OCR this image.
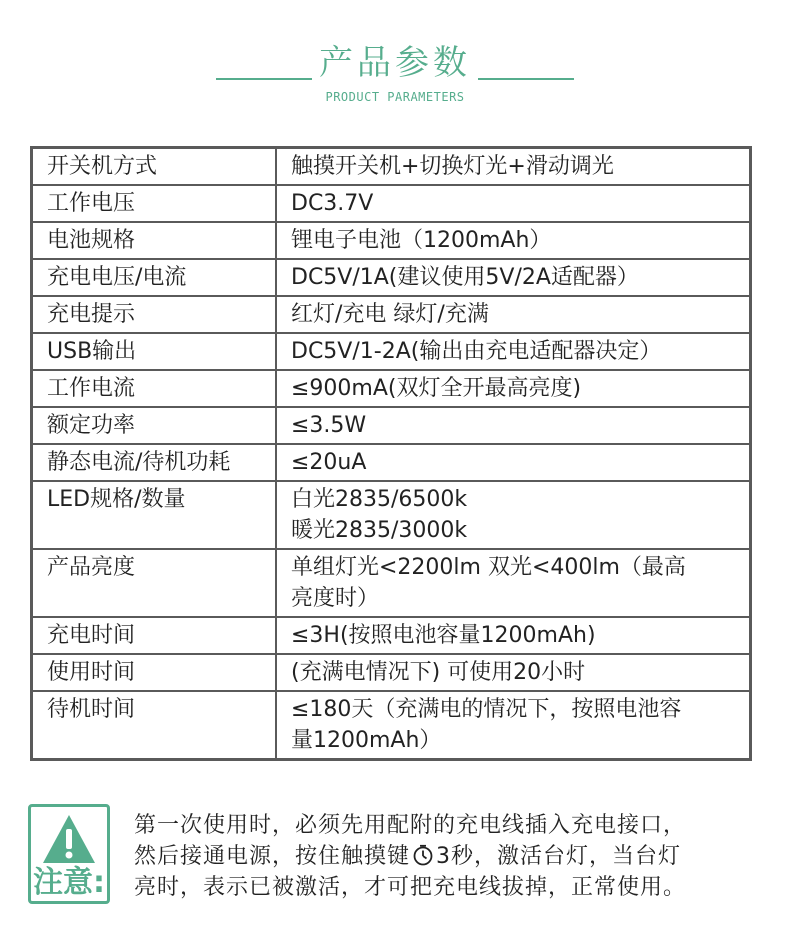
产品参数
PRODUCT PARAMETERS
开关机方式	触摸开关机+切换灯光+滑动调光

工作电压	DC3.7V

电池规格	锂电子电池（1200mAh）

充电电压/电流	DC5V/1A(建议使用5V/2A适配器）

充电提示	红灯/充电 绿灯/充满

USB输出	DC5V/1-2A(输出由充电适配器决定）

工作电流	≤900mA(双灯全开最高亮度)

额定功率	≤3.5W

静态电流/待机功耗	≤20uA

LED规格/数量	白光2835/6500k
暖光2835/3000k

产品亮度	单组灯光<2200lm 双光<400lm（最高
亮度时）

充电时间	≤3H(按照电池容量1200mAh)

使用时间	(充满电情况下) 可使用20小时

待机时间	≤180天（充满电的情况下，按照电池容
量1200mAh）
注意:
第一次使用时，必须先用配附的充电线插入充电接口，
然后接通电源，按住触摸键 3秒，激活台灯，当台灯
亮时，表示已被激活，才可把充电线拔掉，正常使用。
